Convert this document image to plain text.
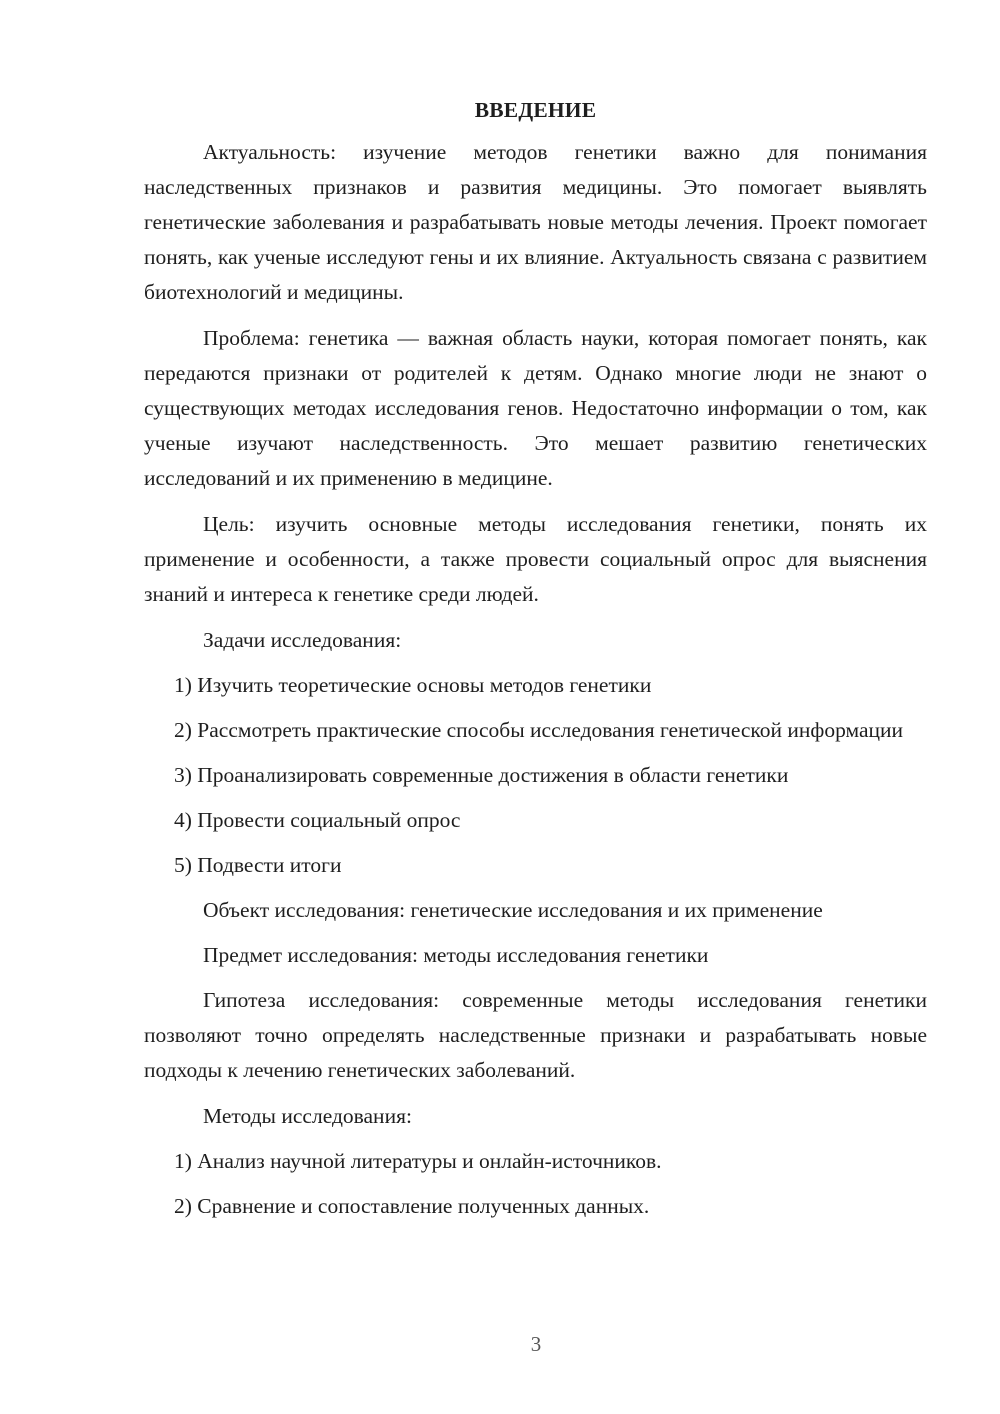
ВВЕДЕНИЕ

Актуальность: изучение методов генетики важно для понимания наследственных признаков и развития медицины. Это помогает выявлять генетические заболевания и разрабатывать новые методы лечения. Проект помогает понять, как ученые исследуют гены и их влияние. Актуальность связана с развитием биотехнологий и медицины.

Проблема: генетика — важная область науки, которая помогает понять, как передаются признаки от родителей к детям. Однако многие люди не знают о существующих методах исследования генов. Недостаточно информации о том, как ученые изучают наследственность. Это мешает развитию генетических исследований и их применению в медицине.

Цель: изучить основные методы исследования генетики, понять их применение и особенности, а также провести социальный опрос для выяснения знаний и интереса к генетике среди людей.

Задачи исследования:

1) Изучить теоретические основы методов генетики

2) Рассмотреть практические способы исследования генетической информации

3) Проанализировать современные достижения в области генетики

4) Провести социальный опрос

5) Подвести итоги

Объект исследования: генетические исследования и их применение

Предмет исследования: методы исследования генетики

Гипотеза исследования: современные методы исследования генетики позволяют точно определять наследственные признаки и разрабатывать новые подходы к лечению генетических заболеваний.

Методы исследования:

1) Анализ научной литературы и онлайн-источников.

2) Сравнение и сопоставление полученных данных.

3
